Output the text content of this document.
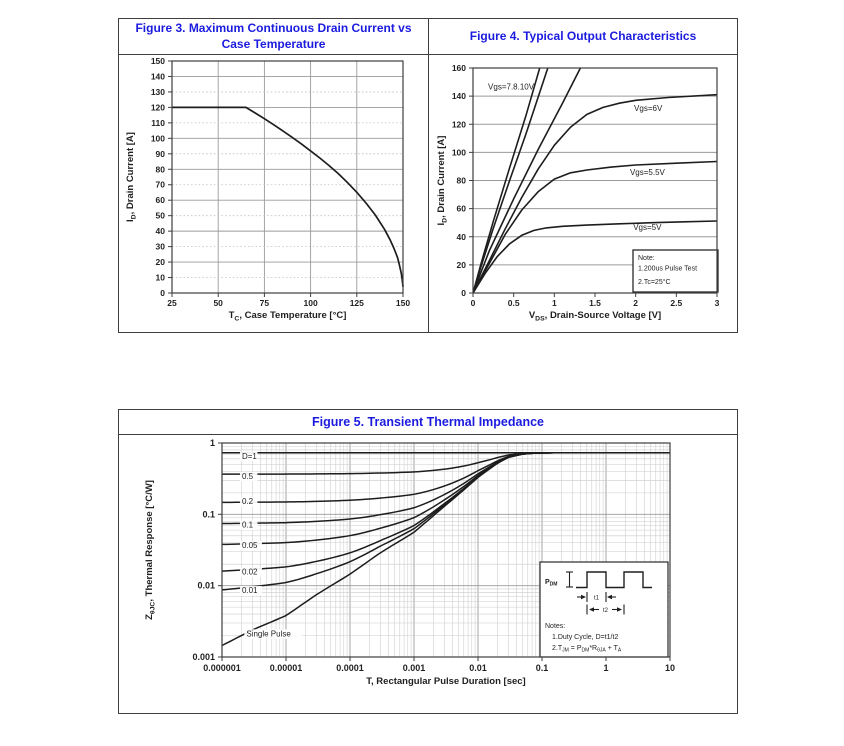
Figure 3. Maximum Continuous Drain Current vs
Case Temperature
Figure 4. Typical Output Characteristics
25	50	75	100	125	150
0
10
20
30
40
50
60
70
80
90
100
110
120
130
140
150
$T_C$, Case Temperature [°C]
$I_D$, Drain Current [A]
Vgs=7.8.10V
Vgs=6V
Vgs=5.5V
Vgs=5V
Note:
1.200us Pulse Test
2.Tc=25°C
0	0.5	1	1.5	2	2.5	3
0
20
40
60
80
100
120
140
160
$V_{DS}$, Drain-Source Voltage [V]
$I_D$, Drain Current [A]
Figure 5. Transient Thermal Impedance
D=1
0.5
0.2
0.1
0.05
0.02
0.01
Single Pulse
$P_{DM}$
t1
t2
Notes:
1.Duty Cycle, D=t1/t2
$2.T_{JM} = P_{DM}*R_{\theta JA} + T_A$
0.000001	0.00001	0.0001	0.001	0.01	0.1	1	10
1
0.1
0.01
0.001
T, Rectangular Pulse Duration [sec]
$Z_{\theta JC}$, Thermal Response [°C/W]
